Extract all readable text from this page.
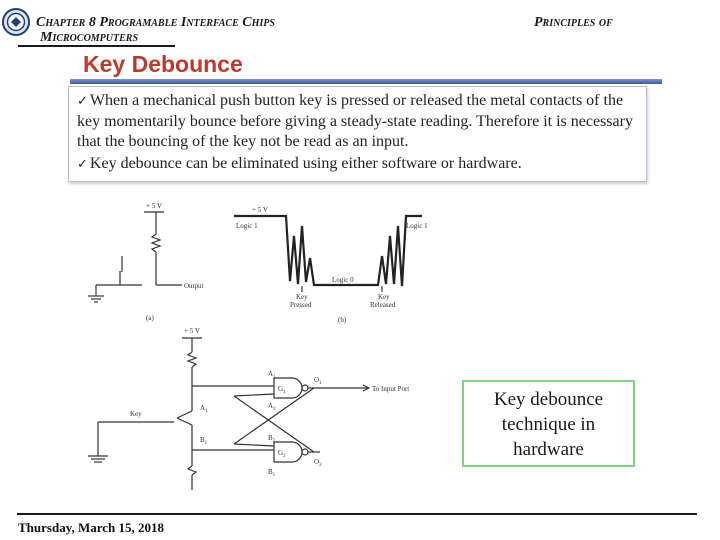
Chapter 8 Programable Interface Chips
Microcomputers
Principles of
Key Debounce

✓ When a mechanical push button key is pressed or released the metal contacts of the key momentarily bounce before giving a steady-state reading. Therefore it is necessary that the bouncing of the key not be read as an input.

✓ Key debounce can be eliminated using either software or hardware.

+ 5 V
Output
(a)
+ 5 V
Logic 1	Logic 1
Logic 0
Key
Pressed
Key
Released
(b)
+ 5 V
Key
$A_1$
$B_1$
$A_1$
$A_2$
$B_2$
$B_1$
$G_1$
$G_2$
$O_1$
$O_2$
To Input Port	Key debounce
technique in
hardware
Thursday, March 15, 2018
